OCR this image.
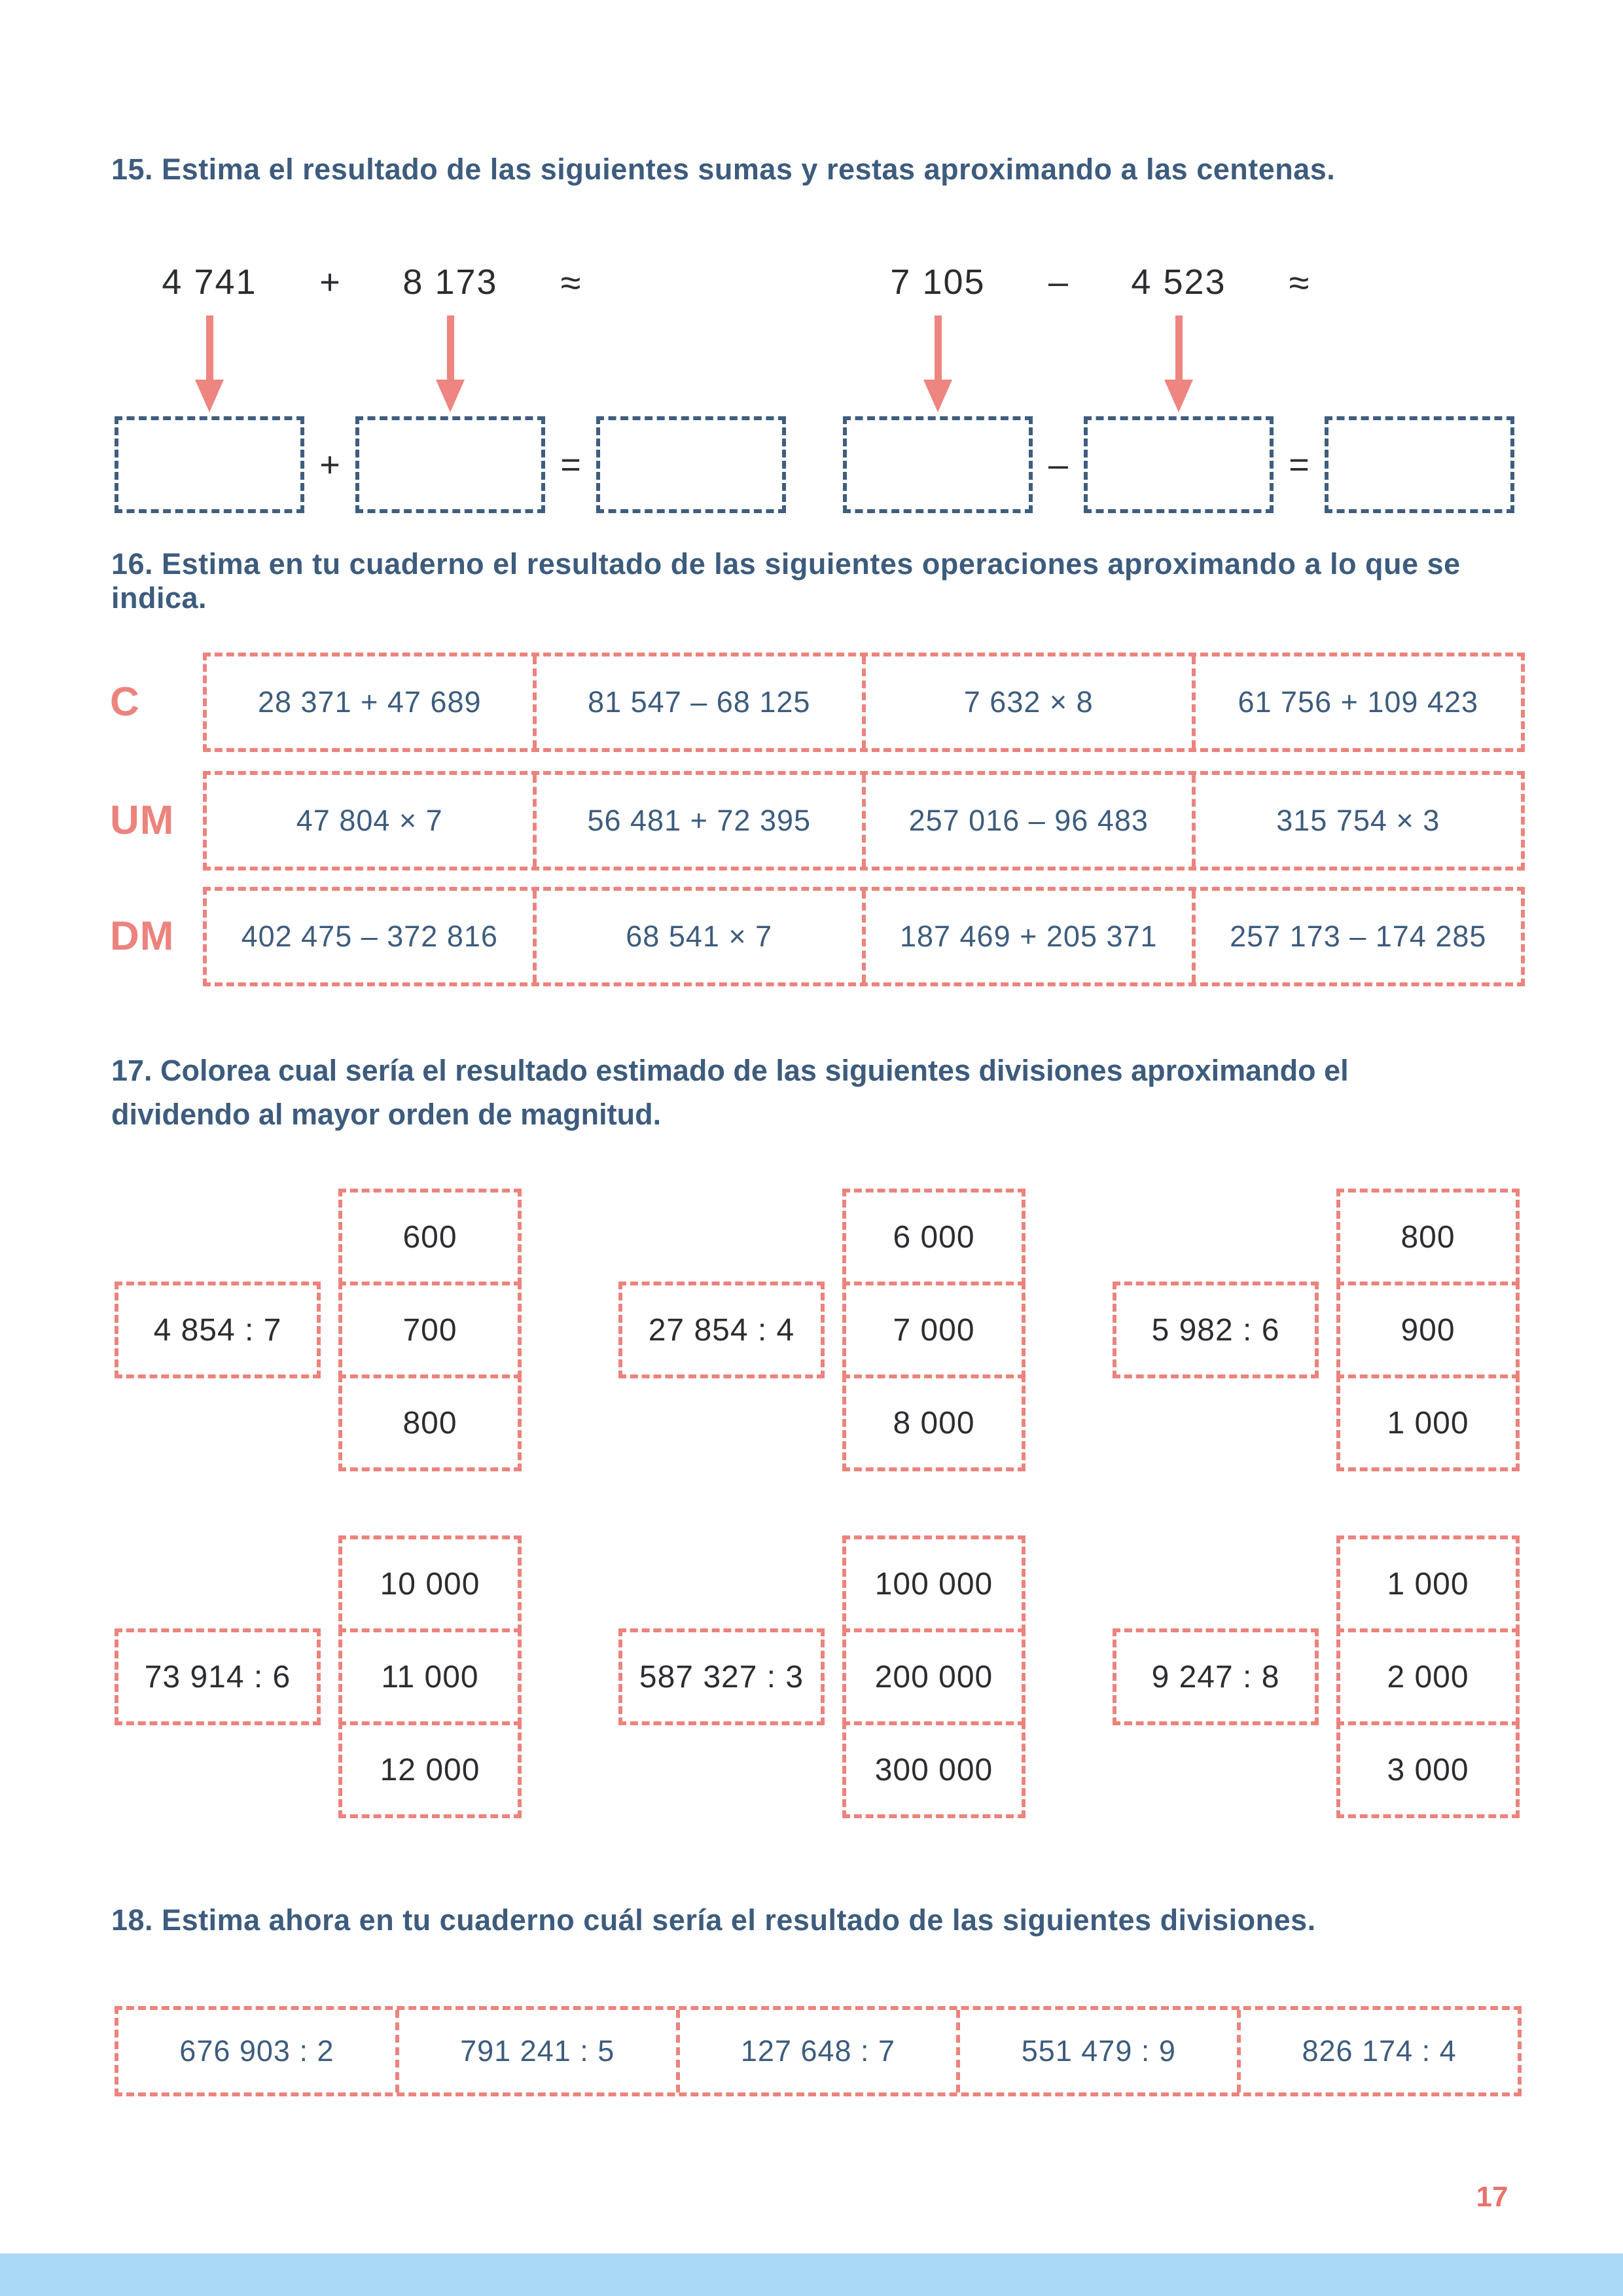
15. Estima el resultado de las siguientes sumas y restas aproximando a las centenas.
4 741 + 8 173 ≈
+	=
7 105 – 4 523 ≈
–	=
16. Estima en tu cuaderno el resultado de las siguientes operaciones aproximando a lo que se indica.
C	28 371 + 47 689	81 547 – 68 125	7 632 × 8	61 756 + 109 423
UM	47 804 × 7	56 481 + 72 395	257 016 – 96 483	315 754 × 3
DM	402 475 – 372 816	68 541 × 7	187 469 + 205 371	257 173 – 174 285
17. Colorea cual sería el resultado estimado de las siguientes divisiones aproximando el
dividendo al mayor orden de magnitud.
4 854 : 7
600
700
800
27 854 : 4
6 000
7 000
8 000
5 982 : 6
800
900
1 000
73 914 : 6
10 000
11 000
12 000
587 327 : 3
100 000
200 000
300 000
9 247 : 8
1 000
2 000
3 000
18. Estima ahora en tu cuaderno cuál sería el resultado de las siguientes divisiones.
676 903 : 2	791 241 : 5	127 648 : 7	551 479 : 9	826 174 : 4
17
